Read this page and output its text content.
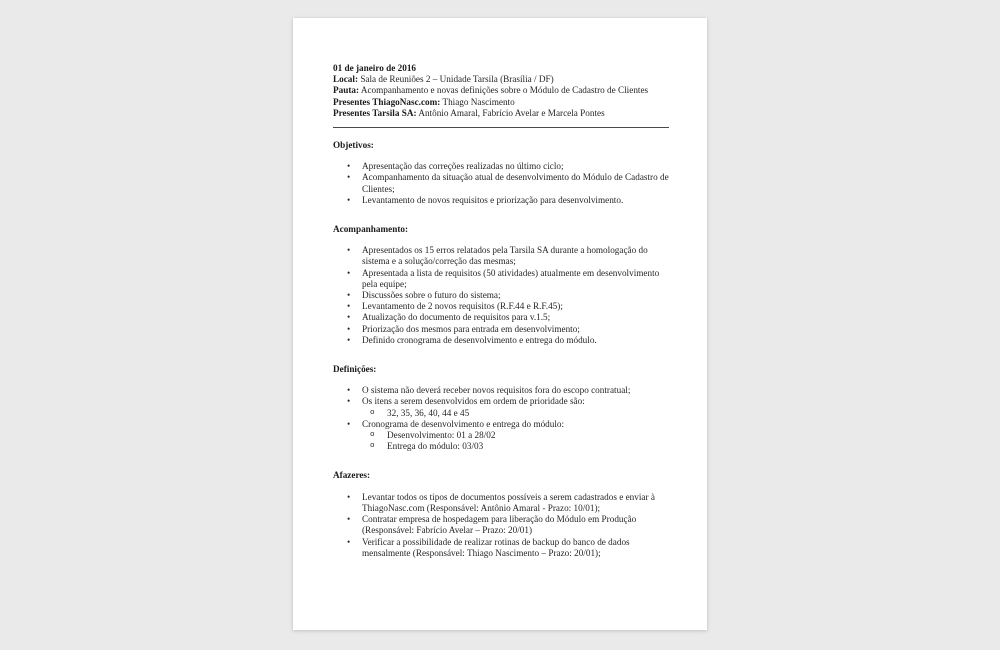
01 de janeiro de 2016
Local: Sala de Reuniões 2 – Unidade Tarsila (Brasília / DF)
Pauta: Acompanhamento e novas definições sobre o Módulo de Cadastro de Clientes
Presentes ThiagoNasc.com: Thiago Nascimento
Presentes Tarsila SA: Antônio Amaral, Fabrício Avelar e Marcela Pontes
Objetivos:
• Apresentação das correções realizadas no último ciclo;
• Acompanhamento da situação atual de desenvolvimento do Módulo de Cadastro de Clientes;
• Levantamento de novos requisitos e priorização para desenvolvimento.
Acompanhamento:
• Apresentados os 15 erros relatados pela Tarsila SA durante a homologação do sistema e a solução/correção das mesmas;
• Apresentada a lista de requisitos (50 atividades) atualmente em desenvolvimento pela equipe;
• Discussões sobre o futuro do sistema;
• Levantamento de 2 novos requisitos (R.F.44 e R.F.45);
• Atualização do documento de requisitos para v.1.5;
• Priorização dos mesmos para entrada em desenvolvimento;
• Definido cronograma de desenvolvimento e entrega do módulo.
Definições:
• O sistema não deverá receber novos requisitos fora do escopo contratual;
• Os itens a serem desenvolvidos em ordem de prioridade são:
o 32, 35, 36, 40, 44 e 45
• Cronograma de desenvolvimento e entrega do módulo:
o Desenvolvimento: 01 a 28/02
o Entrega do módulo: 03/03
Afazeres:
• Levantar todos os tipos de documentos possíveis a serem cadastrados e enviar à ThiagoNasc.com (Responsável: Antônio Amaral - Prazo: 10/01);
• Contratar empresa de hospedagem para liberação do Módulo em Produção (Responsável: Fabrício Avelar – Prazo: 20/01)
• Verificar a possibilidade de realizar rotinas de backup do banco de dados mensalmente (Responsável: Thiago Nascimento – Prazo: 20/01);
